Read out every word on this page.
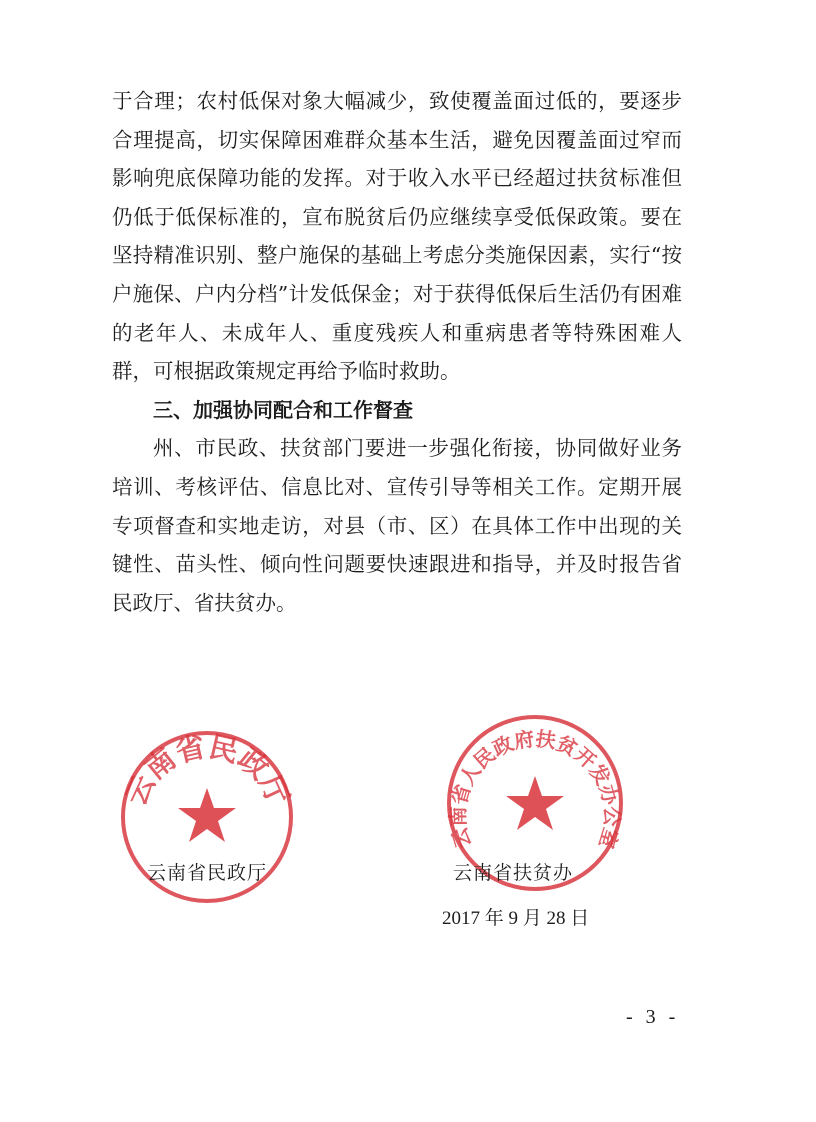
于合理；农村低保对象大幅减少，致使覆盖面过低的，要逐步合理提高，切实保障困难群众基本生活，避免因覆盖面过窄而影响兜底保障功能的发挥。对于收入水平已经超过扶贫标准但仍低于低保标准的，宣布脱贫后仍应继续享受低保政策。要在坚持精准识别、整户施保的基础上考虑分类施保因素，实行“按户施保、户内分档”计发低保金；对于获得低保后生活仍有困难的老年人、未成年人、重度残疾人和重病患者等特殊困难人群，可根据政策规定再给予临时救助。

三、加强协同配合和工作督查

州、市民政、扶贫部门要进一步强化衔接，协同做好业务培训、考核评估、信息比对、宣传引导等相关工作。定期开展专项督查和实地走访，对县（市、区）在具体工作中出现的关键性、苗头性、倾向性问题要快速跟进和指导，并及时报告省民政厅、省扶贫办。

云南省民政厅
云南省人民政府扶贫开发办公室
云南省民政厅	云南省扶贫办
2017 年 9 月 28 日
- 3 -
